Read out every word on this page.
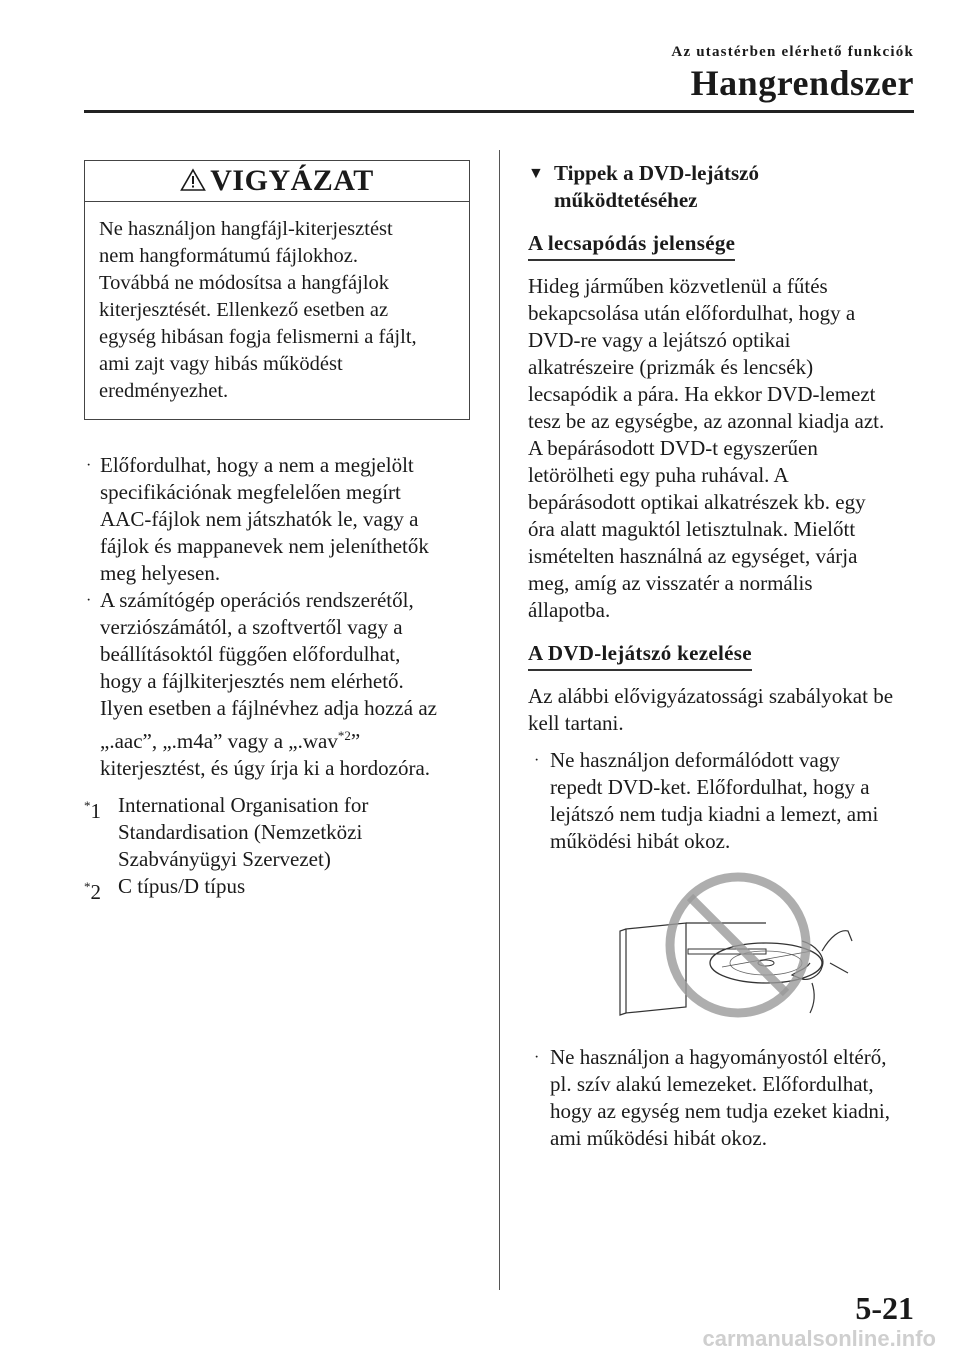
Az utastérben elérhető funkciók
Hangrendszer
VIGYÁZAT
Ne használjon hangfájl-kiterjesztést
nem hangformátumú fájlokhoz.
Továbbá ne módosítsa a hangfájlok
kiterjesztését. Ellenkező esetben az
egység hibásan fogja felismerni a fájlt,
ami zajt vagy hibás működést
eredményezhet.
· Előfordulhat, hogy a nem a megjelölt
specifikációnak megfelelően megírt
AAC-fájlok nem játszhatók le, vagy a
fájlok és mappanevek nem jeleníthetők
meg helyesen.
· A számítógép operációs rendszerétől,
verziószámától, a szoftvertől vagy a
beállításoktól függően előfordulhat,
hogy a fájlkiterjesztés nem elérhető.
Ilyen esetben a fájlnévhez adja hozzá az
„.aac”, „.m4a” vagy a „.wav$^{*2}$”
kiterjesztést, és úgy írja ki a hordozóra.
*1 International Organisation for
Standardisation (Nemzetközi
Szabványügyi Szervezet)
*2 C típus/D típus
▼ Tippek a DVD-lejátszó
működtetéséhez
A lecsapódás jelensége
Hideg járműben közvetlenül a fűtés
bekapcsolása után előfordulhat, hogy a
DVD-re vagy a lejátszó optikai
alkatrészeire (prizmák és lencsék)
lecsapódik a pára. Ha ekkor DVD-lemezt
tesz be az egységbe, az azonnal kiadja azt.
A bepárásodott DVD-t egyszerűen
letörölheti egy puha ruhával. A
bepárásodott optikai alkatrészek kb. egy
óra alatt maguktól letisztulnak. Mielőtt
ismételten használná az egységet, várja
meg, amíg az visszatér a normális
állapotba.
A DVD-lejátszó kezelése
Az alábbi elővigyázatossági szabályokat be
kell tartani.
· Ne használjon deformálódott vagy
repedt DVD-ket. Előfordulhat, hogy a
lejátszó nem tudja kiadni a lemezt, ami
működési hibát okoz.
· Ne használjon a hagyományostól eltérő,
pl. szív alakú lemezeket. Előfordulhat,
hogy az egység nem tudja ezeket kiadni,
ami működési hibát okoz.
5-21
carmanualsonline.info
